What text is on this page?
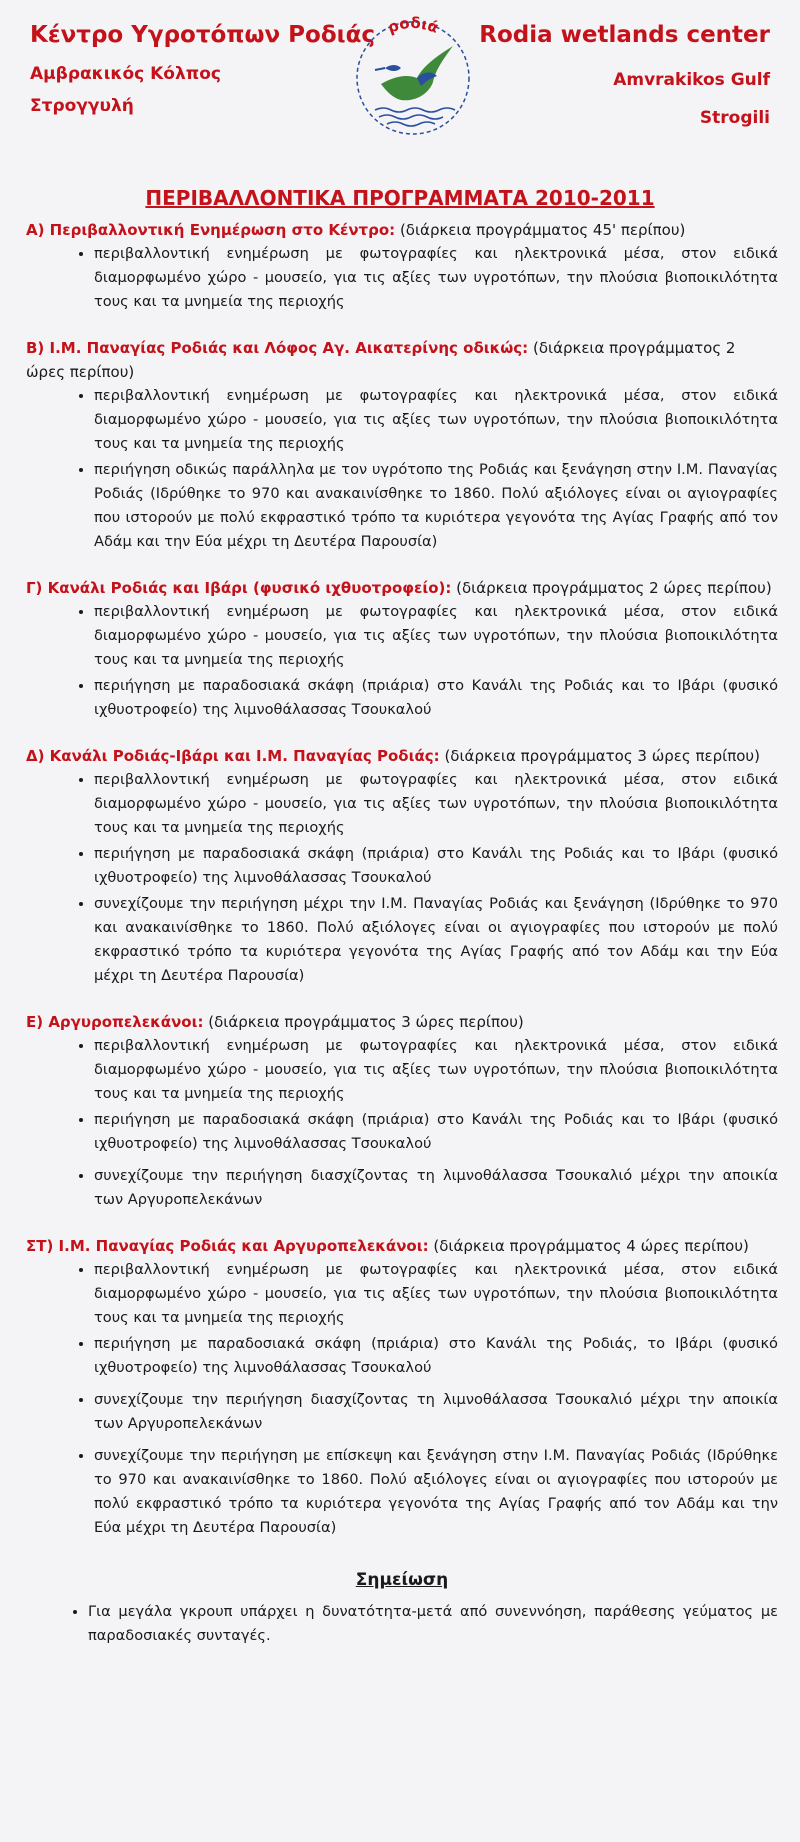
Κέντρο Υγροτόπων Ροδιάς
Αμβρακικός Κόλπος
Στρογγυλή
ροδιά Rodia wetlands center
Amvrakikos Gulf
Strogili
ΠΕΡΙΒΑΛΛΟΝΤΙΚΑ ΠΡΟΓΡΑΜΜΑΤΑ 2010-2011
Α) Περιβαλλοντική Ενημέρωση στο Κέντρο: (διάρκεια προγράμματος 45' περίπου)
• περιβαλλοντική ενημέρωση με φωτογραφίες και ηλεκτρονικά μέσα, στον ειδικά διαμορφωμένο χώρο - μουσείο, για τις αξίες των υγροτόπων, την πλούσια βιοποικιλότητα τους και τα μνημεία της περιοχής
Β) Ι.Μ. Παναγίας Ροδιάς και Λόφος Αγ. Αικατερίνης οδικώς: (διάρκεια προγράμματος 2 ώρες περίπου)
• περιβαλλοντική ενημέρωση με φωτογραφίες και ηλεκτρονικά μέσα, στον ειδικά διαμορφωμένο χώρο - μουσείο, για τις αξίες των υγροτόπων, την πλούσια βιοποικιλότητα τους και τα μνημεία της περιοχής
• περιήγηση οδικώς παράλληλα με τον υγρότοπο της Ροδιάς και ξενάγηση στην Ι.Μ. Παναγίας Ροδιάς (Ιδρύθηκε το 970 και ανακαινίσθηκε το 1860. Πολύ αξιόλογες είναι οι αγιογραφίες που ιστορούν με πολύ εκφραστικό τρόπο τα κυριότερα γεγονότα της Αγίας Γραφής από τον Αδάμ και την Εύα μέχρι τη Δευτέρα Παρουσία)
Γ) Κανάλι Ροδιάς και Ιβάρι (φυσικό ιχθυοτροφείο): (διάρκεια προγράμματος 2 ώρες περίπου)
• περιβαλλοντική ενημέρωση με φωτογραφίες και ηλεκτρονικά μέσα, στον ειδικά διαμορφωμένο χώρο - μουσείο, για τις αξίες των υγροτόπων, την πλούσια βιοποικιλότητα τους και τα μνημεία της περιοχής
• περιήγηση με παραδοσιακά σκάφη (πριάρια) στο Κανάλι της Ροδιάς και το Ιβάρι (φυσικό ιχθυοτροφείο) της λιμνοθάλασσας Τσουκαλού
Δ) Κανάλι Ροδιάς-Ιβάρι και Ι.Μ. Παναγίας Ροδιάς: (διάρκεια προγράμματος 3 ώρες περίπου)
• περιβαλλοντική ενημέρωση με φωτογραφίες και ηλεκτρονικά μέσα, στον ειδικά διαμορφωμένο χώρο - μουσείο, για τις αξίες των υγροτόπων, την πλούσια βιοποικιλότητα τους και τα μνημεία της περιοχής
• περιήγηση με παραδοσιακά σκάφη (πριάρια) στο Κανάλι της Ροδιάς και το Ιβάρι (φυσικό ιχθυοτροφείο) της λιμνοθάλασσας Τσουκαλού
• συνεχίζουμε την περιήγηση μέχρι την Ι.Μ. Παναγίας Ροδιάς και ξενάγηση (Ιδρύθηκε το 970 και ανακαινίσθηκε το 1860. Πολύ αξιόλογες είναι οι αγιογραφίες που ιστορούν με πολύ εκφραστικό τρόπο τα κυριότερα γεγονότα της Αγίας Γραφής από τον Αδάμ και την Εύα μέχρι τη Δευτέρα Παρουσία)
Ε) Αργυροπελεκάνοι: (διάρκεια προγράμματος 3 ώρες περίπου)
• περιβαλλοντική ενημέρωση με φωτογραφίες και ηλεκτρονικά μέσα, στον ειδικά διαμορφωμένο χώρο - μουσείο, για τις αξίες των υγροτόπων, την πλούσια βιοποικιλότητα τους και τα μνημεία της περιοχής
• περιήγηση με παραδοσιακά σκάφη (πριάρια) στο Κανάλι της Ροδιάς και το Ιβάρι (φυσικό ιχθυοτροφείο) της λιμνοθάλασσας Τσουκαλού
• συνεχίζουμε την περιήγηση διασχίζοντας τη λιμνοθάλασσα Τσουκαλιό μέχρι την αποικία των Αργυροπελεκάνων
ΣΤ) Ι.Μ. Παναγίας Ροδιάς και Αργυροπελεκάνοι: (διάρκεια προγράμματος 4 ώρες περίπου)
• περιβαλλοντική ενημέρωση με φωτογραφίες και ηλεκτρονικά μέσα, στον ειδικά διαμορφωμένο χώρο - μουσείο, για τις αξίες των υγροτόπων, την πλούσια βιοποικιλότητα τους και τα μνημεία της περιοχής
• περιήγηση με παραδοσιακά σκάφη (πριάρια) στο Κανάλι της Ροδιάς, το Ιβάρι (φυσικό ιχθυοτροφείο) της λιμνοθάλασσας Τσουκαλού
• συνεχίζουμε την περιήγηση διασχίζοντας τη λιμνοθάλασσα Τσουκαλιό μέχρι την αποικία των Αργυροπελεκάνων
• συνεχίζουμε την περιήγηση με επίσκεψη και ξενάγηση στην Ι.Μ. Παναγίας Ροδιάς (Ιδρύθηκε το 970 και ανακαινίσθηκε το 1860. Πολύ αξιόλογες είναι οι αγιογραφίες που ιστορούν με πολύ εκφραστικό τρόπο τα κυριότερα γεγονότα της Αγίας Γραφής από τον Αδάμ και την Εύα μέχρι τη Δευτέρα Παρουσία)
Σημείωση
• Για μεγάλα γκρουπ υπάρχει η δυνατότητα-μετά από συνεννόηση, παράθεσης γεύματος με παραδοσιακές συνταγές.
